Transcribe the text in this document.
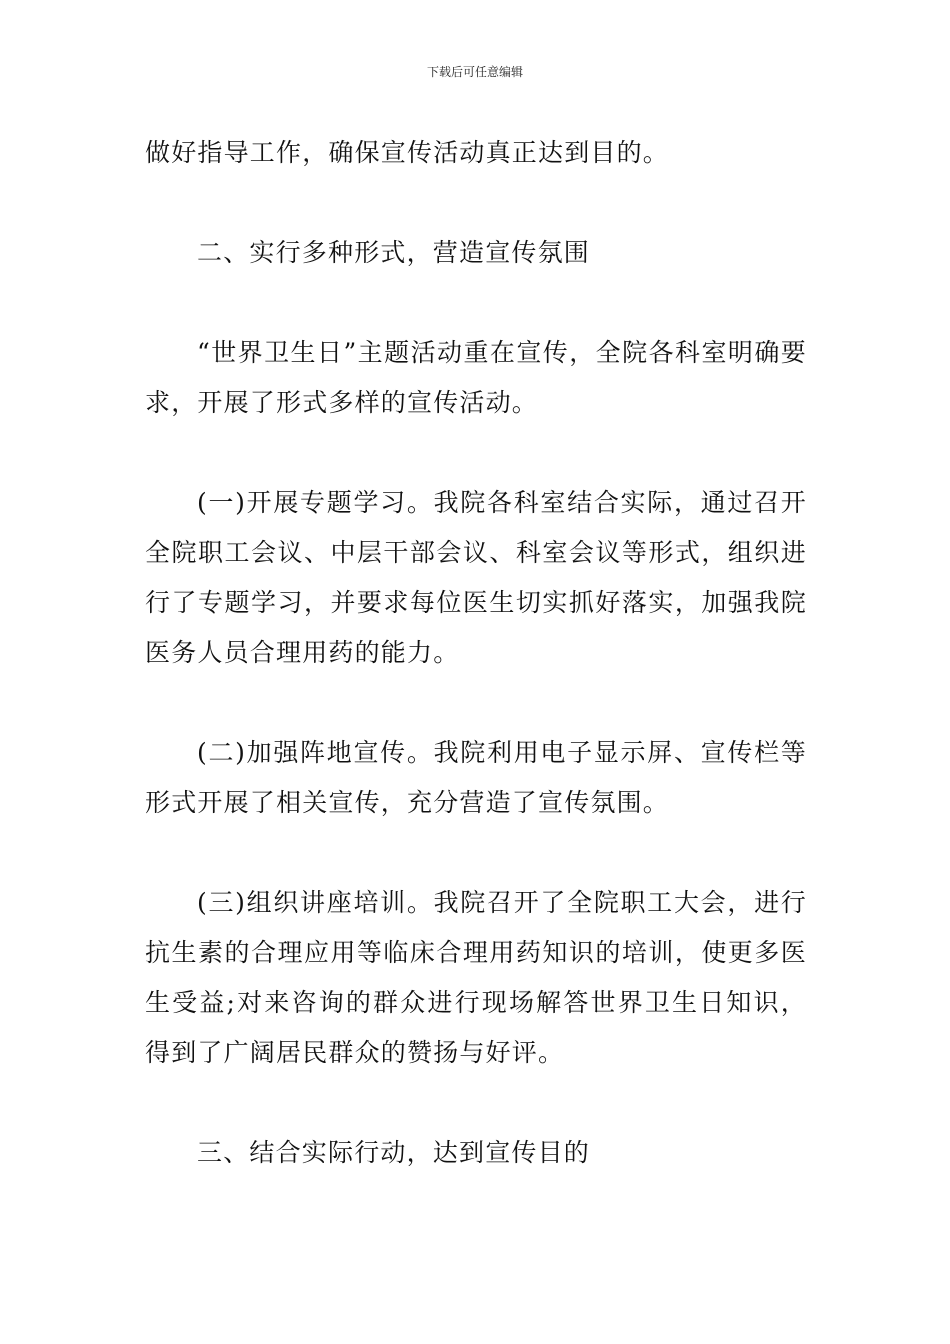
下载后可任意编辑

做好指导工作，确保宣传活动真正达到目的。

二、实行多种形式，营造宣传氛围

“世界卫生日”主题活动重在宣传，全院各科室明确要求，开展了形式多样的宣传活动。

(一)开展专题学习。我院各科室结合实际，通过召开全院职工会议、中层干部会议、科室会议等形式，组织进行了专题学习，并要求每位医生切实抓好落实，加强我院医务人员合理用药的能力。

(二)加强阵地宣传。我院利用电子显示屏、宣传栏等形式开展了相关宣传，充分营造了宣传氛围。

(三)组织讲座培训。我院召开了全院职工大会，进行抗生素的合理应用等临床合理用药知识的培训，使更多医生受益;对来咨询的群众进行现场解答世界卫生日知识，得到了广阔居民群众的赞扬与好评。

三、结合实际行动，达到宣传目的
